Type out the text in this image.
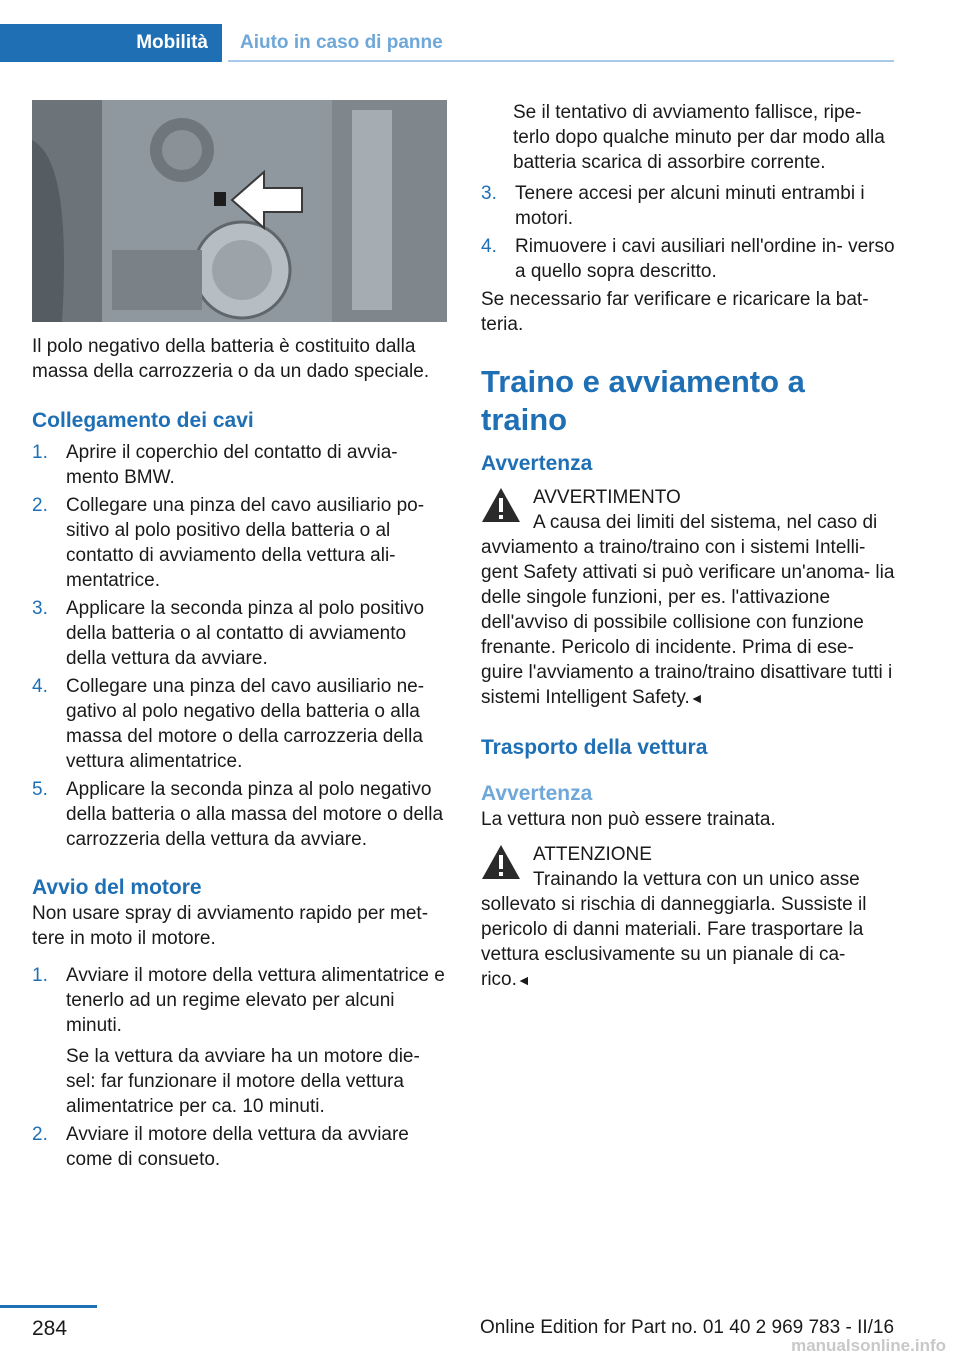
Mobilità	Aiuto in caso di panne

Il polo negativo della batteria è costituito dalla massa della carrozzeria o da un dado speciale.

Collegamento dei cavi
1. Aprire il coperchio del contatto di avvia‐ mento BMW.
2. Collegare una pinza del cavo ausiliario po‐ sitivo al polo positivo della batteria o al contatto di avviamento della vettura ali‐ mentatrice.
3. Applicare la seconda pinza al polo positivo della batteria o al contatto di avviamento della vettura da avviare.
4. Collegare una pinza del cavo ausiliario ne‐ gativo al polo negativo della batteria o alla massa del motore o della carrozzeria della vettura alimentatrice.
5. Applicare la seconda pinza al polo negativo della batteria o alla massa del motore o della carrozzeria della vettura da avviare.
Avvio del motore

Non usare spray di avviamento rapido per met‐ tere in moto il motore.

1. Avviare il motore della vettura alimentatrice e tenerlo ad un regime elevato per alcuni minuti.
Se la vettura da avviare ha un motore die‐ sel: far funzionare il motore della vettura alimentatrice per ca. 10 minuti.
2. Avviare il motore della vettura da avviare come di consueto.

Se il tentativo di avviamento fallisce, ripe‐ terlo dopo qualche minuto per dar modo alla batteria scarica di assorbire corrente.

3. Tenere accesi per alcuni minuti entrambi i motori.
4. Rimuovere i cavi ausiliari nell'ordine in‐ verso a quello sopra descritto.

Se necessario far verificare e ricaricare la bat‐ teria.

Traino e avviamento a traino
Avvertenza
AVVERTIMENTO

A causa dei limiti del sistema, nel caso di

avviamento a traino/traino con i sistemi Intelli‐ gent Safety attivati si può verificare un'anoma‐ lia delle singole funzioni, per es. l'attivazione dell'avviso di possibile collisione con funzione frenante. Pericolo di incidente. Prima di ese‐ guire l'avviamento a traino/traino disattivare tutti i sistemi Intelligent Safety.◄

Trasporto della vettura
Avvertenza

La vettura non può essere trainata.

ATTENZIONE

Trainando la vettura con un unico asse

sollevato si rischia di danneggiarla. Sussiste il pericolo di danni materiali. Fare trasportare la vettura esclusivamente su un pianale di ca‐ rico.◄

284	Online Edition for Part no. 01 40 2 969 783 - II/16
manualsonline.info
